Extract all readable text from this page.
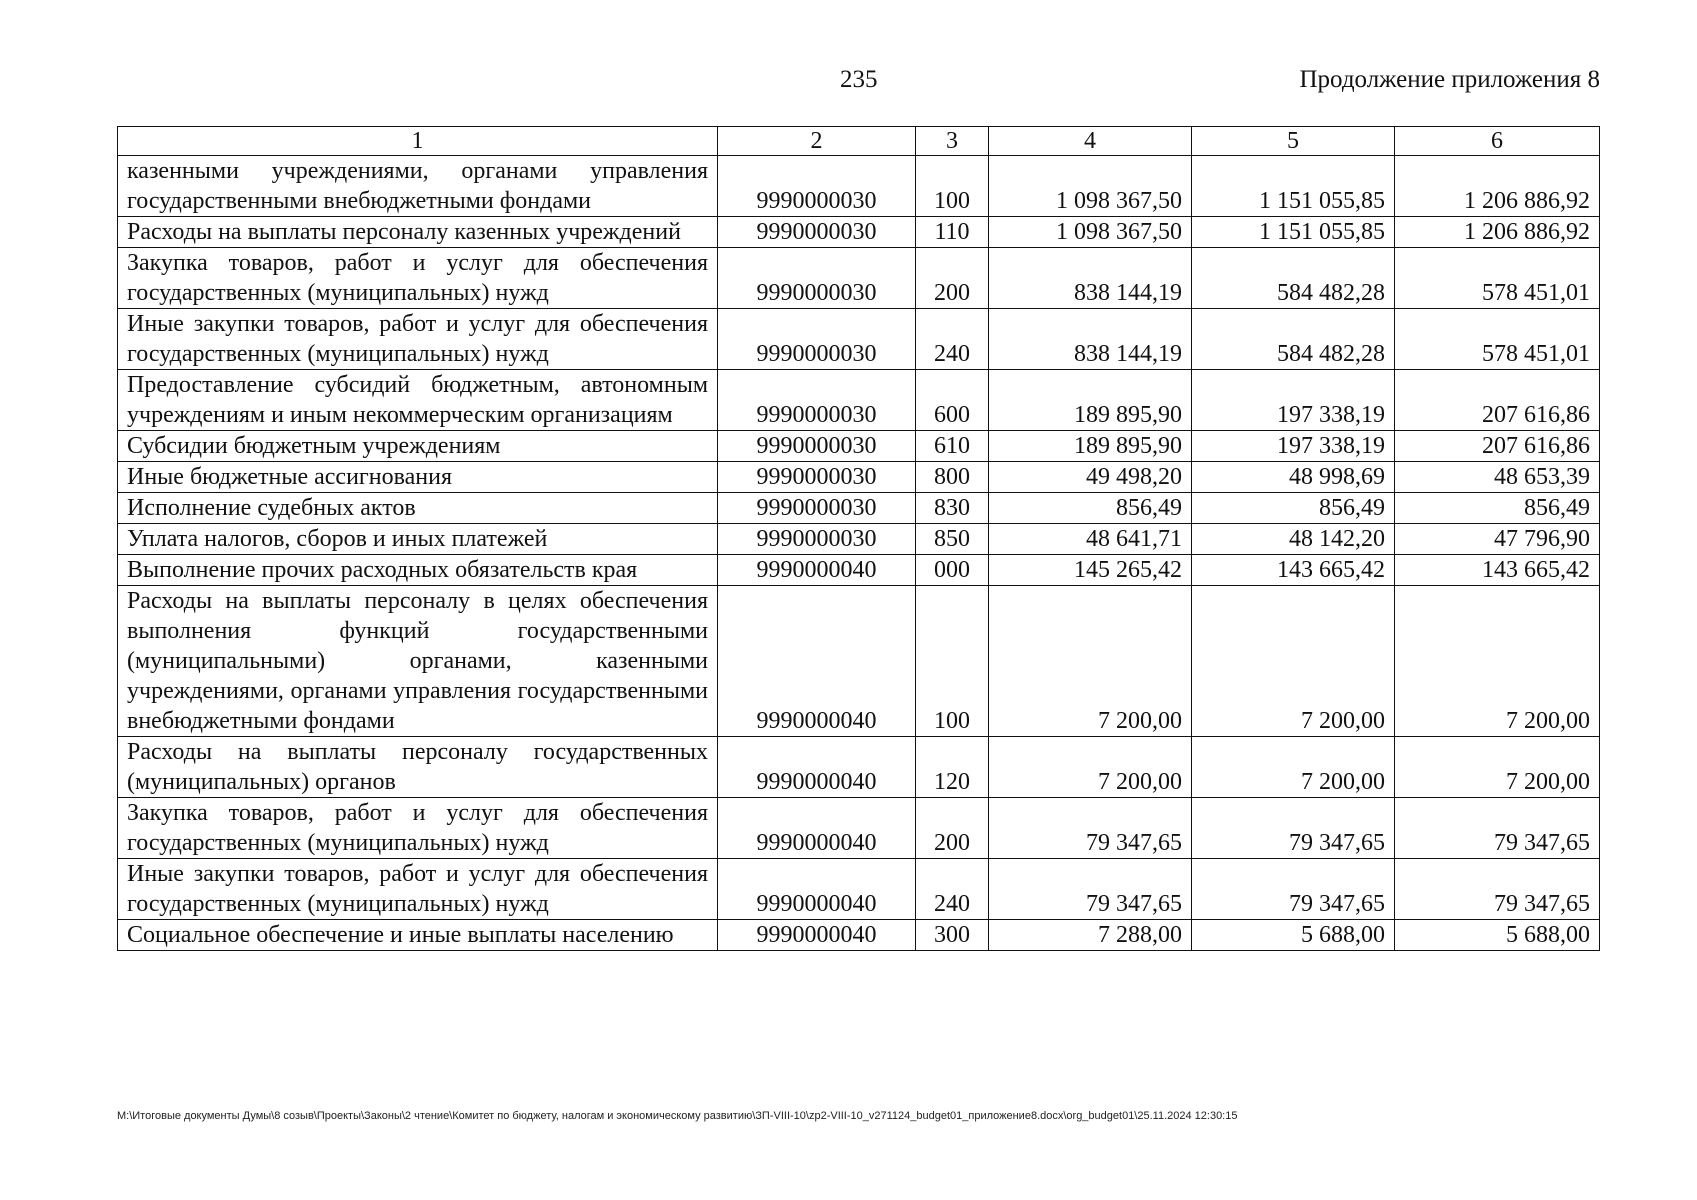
235	Продолжение приложения 8
1	2	3	4	5	6
казенными учреждениями, органами управления государственными внебюджетными фондами	9990000030	100	1 098 367,50	1 151 055,85	1 206 886,92
Расходы на выплаты персоналу казенных учреждений	9990000030	110	1 098 367,50	1 151 055,85	1 206 886,92
Закупка товаров, работ и услуг для обеспечения государственных (муниципальных) нужд	9990000030	200	838 144,19	584 482,28	578 451,01
Иные закупки товаров, работ и услуг для обеспечения государственных (муниципальных) нужд	9990000030	240	838 144,19	584 482,28	578 451,01
Предоставление субсидий бюджетным, автономным учреждениям и иным некоммерческим организациям	9990000030	600	189 895,90	197 338,19	207 616,86
Субсидии бюджетным учреждениям	9990000030	610	189 895,90	197 338,19	207 616,86
Иные бюджетные ассигнования	9990000030	800	49 498,20	48 998,69	48 653,39
Исполнение судебных актов	9990000030	830	856,49	856,49	856,49
Уплата налогов, сборов и иных платежей	9990000030	850	48 641,71	48 142,20	47 796,90
Выполнение прочих расходных обязательств края	9990000040	000	145 265,42	143 665,42	143 665,42
Расходы на выплаты персоналу в целях обеспечения выполнения функций государственными (муниципальными) органами, казенными учреждениями, органами управления государственными внебюджетными фондами	9990000040	100	7 200,00	7 200,00	7 200,00
Расходы на выплаты персоналу государственных (муниципальных) органов	9990000040	120	7 200,00	7 200,00	7 200,00
Закупка товаров, работ и услуг для обеспечения государственных (муниципальных) нужд	9990000040	200	79 347,65	79 347,65	79 347,65
Иные закупки товаров, работ и услуг для обеспечения государственных (муниципальных) нужд	9990000040	240	79 347,65	79 347,65	79 347,65
Социальное обеспечение и иные выплаты населению	9990000040	300	7 288,00	5 688,00	5 688,00
M:\Итоговые документы Думы\8 созыв\Проекты\Законы\2 чтение\Комитет по бюджету, налогам и экономическому развитию\ЗП-VIII-10\zp2-VIII-10_v271124_budget01_приложение8.docx\org_budget01\25.11.2024 12:30:15
